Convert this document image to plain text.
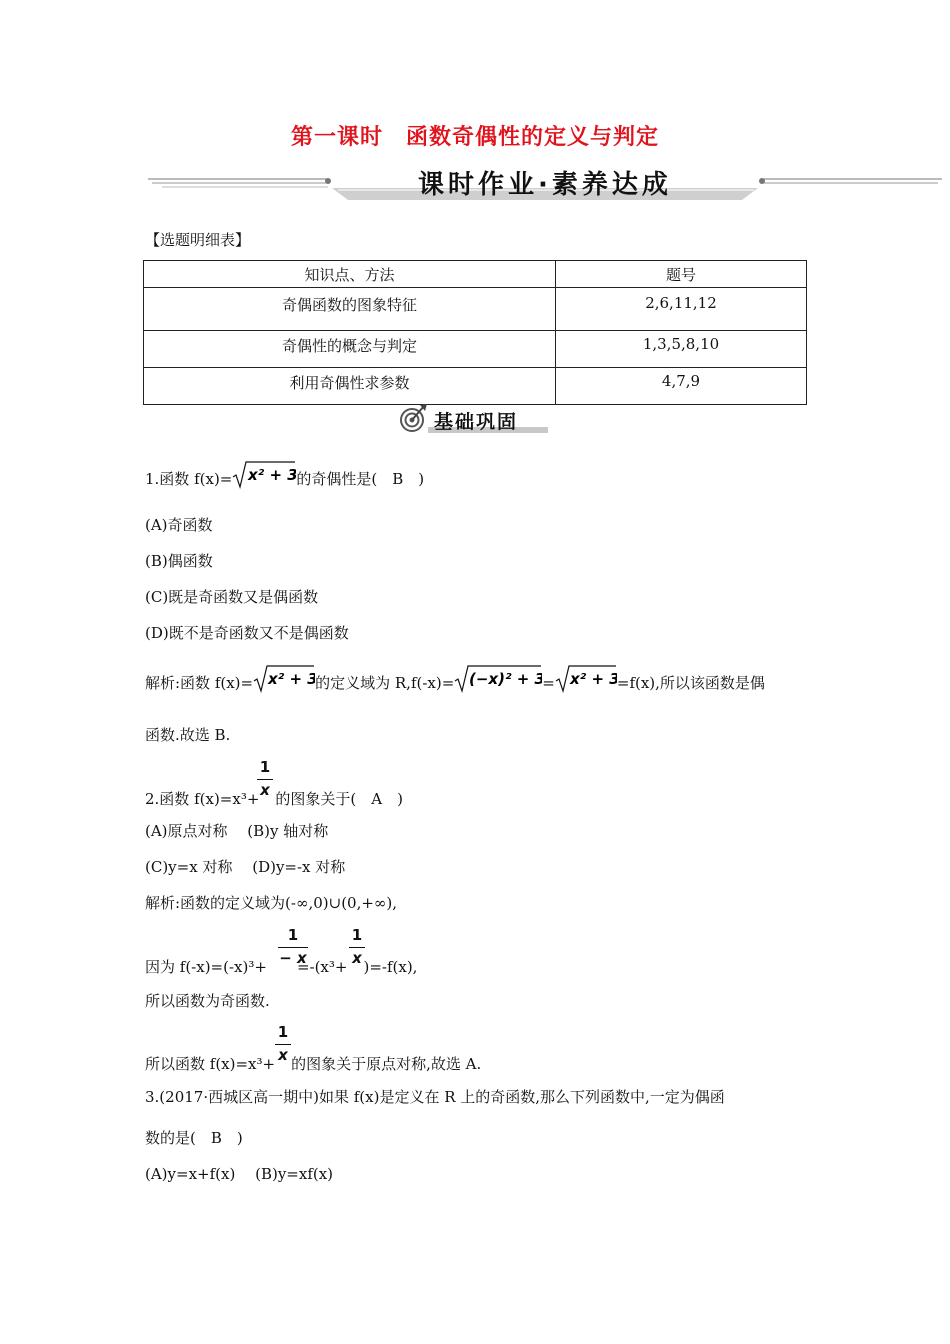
第一课时　函数奇偶性的定义与判定
课时作业·素养达成
【选题明细表】
知识点、方法	题号
奇偶函数的图象特征	2,6,11,12
奇偶性的概念与判定	1,3,5,8,10
利用奇偶性求参数	4,7,9
基础巩固
1.函数 f(x)= x² + 3
的奇偶性是(　B　)
(A)奇函数
(B)偶函数
(C)既是奇函数又是偶函数
(D)既不是奇函数又不是偶函数
解析:函数 f(x)= x² + 3
的定义域为 R,f(-x)= (−x)² + 3
= x² + 3
=f(x),所以该函数是偶
函数.故选 B.
1
x
2.函数 f(x)=x³+ 的图象关于(　A　)
(A)原点对称　 (B)y 轴对称
(C)y=x 对称　 (D)y=-x 对称
解析:函数的定义域为(-∞,0)∪(0,+∞),
1
− x
1
x
因为 f(-x)=(-x)³+ =-(x³+ )=-f(x),
所以函数为奇函数.
1
x
所以函数 f(x)=x³+ 的图象关于原点对称,故选 A.
3.(2017·西城区高一期中)如果 f(x)是定义在 R 上的奇函数,那么下列函数中,一定为偶函
数的是(　B　)
(A)y=x+f(x)　 (B)y=xf(x)
